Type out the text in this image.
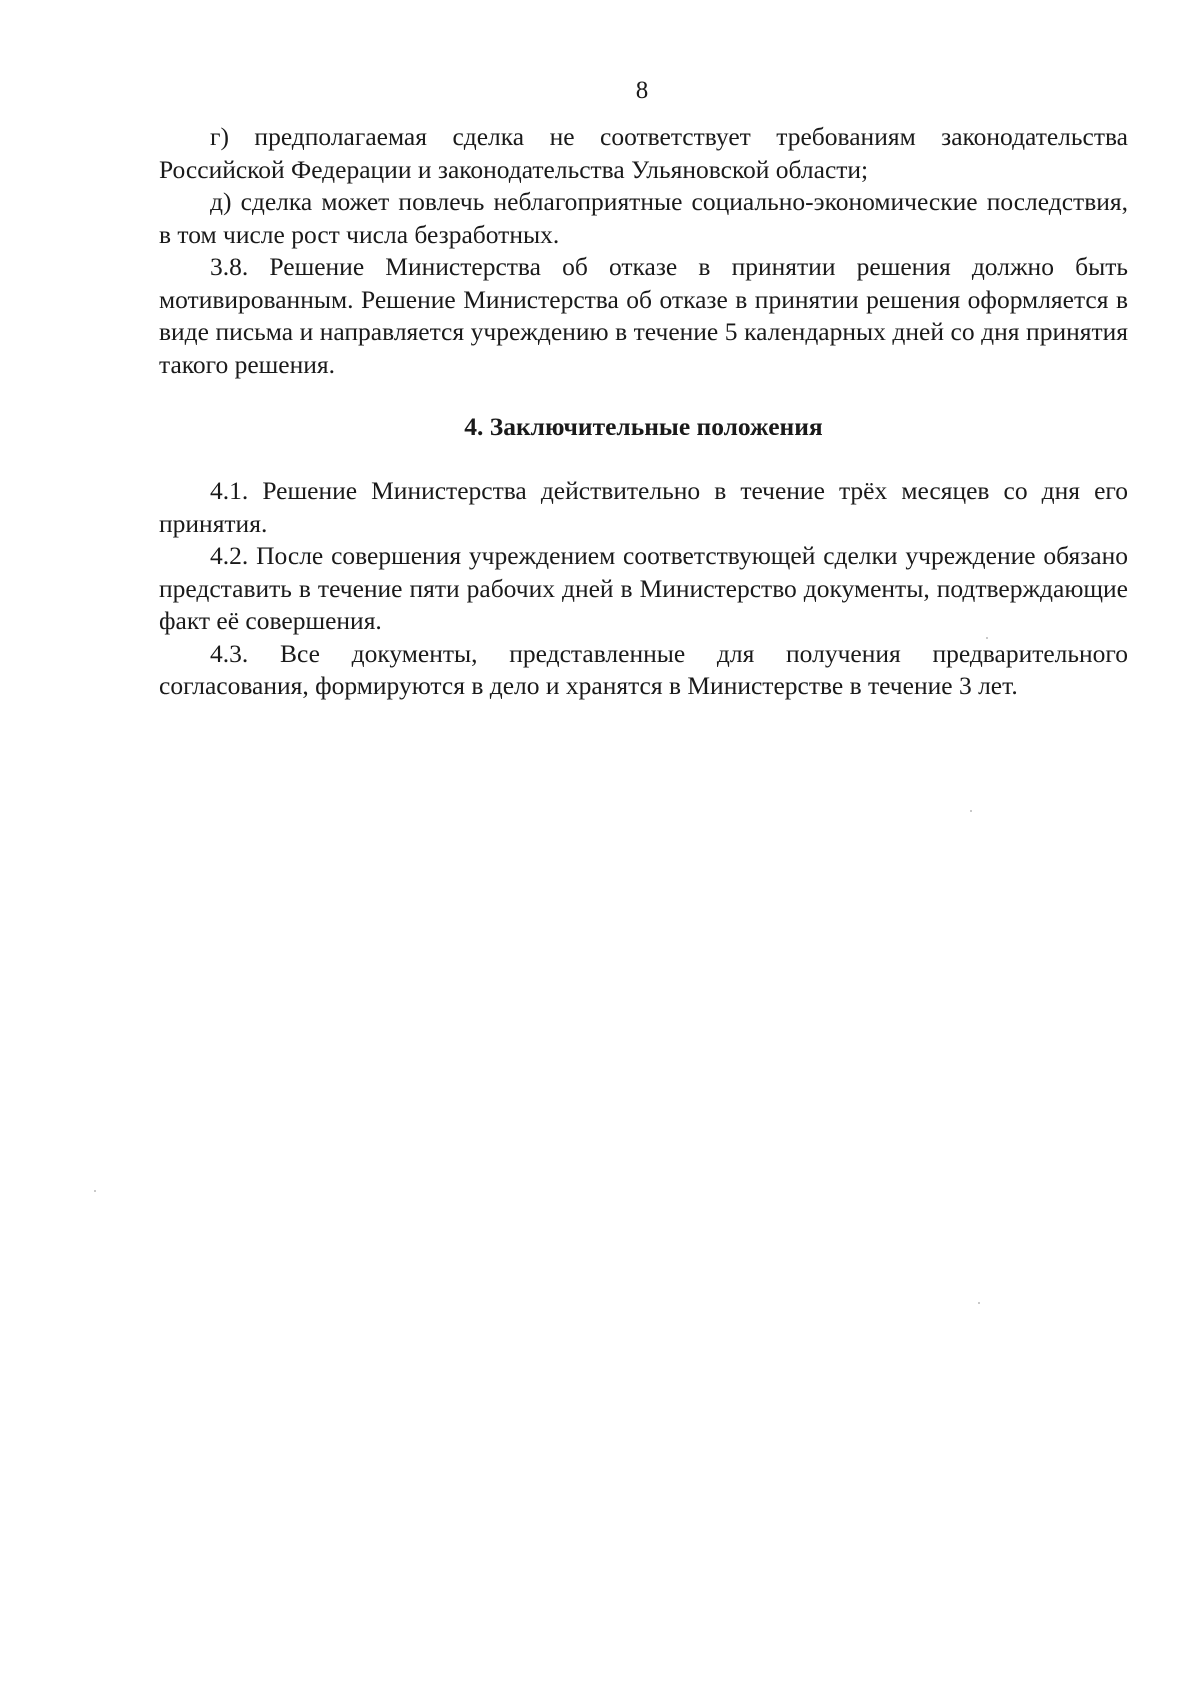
8

г) предполагаемая сделка не соответствует требованиям законодательства Российской Федерации и законодательства Ульяновской области;

д) сделка может повлечь неблагоприятные социально-экономические последствия, в том числе рост числа безработных.

3.8. Решение Министерства об отказе в принятии решения должно быть мотивированным. Решение Министерства об отказе в принятии решения оформляется в виде письма и направляется учреждению в течение 5 календарных дней со дня принятия такого решения.

4. Заключительные положения

4.1. Решение Министерства действительно в течение трёх месяцев со дня его принятия.

4.2. После совершения учреждением соответствующей сделки учреждение обязано представить в течение пяти рабочих дней в Министерство документы, подтверждающие факт её совершения.

4.3. Все документы, представленные для получения предварительного согласования, формируются в дело и хранятся в Министерстве в течение 3 лет.
